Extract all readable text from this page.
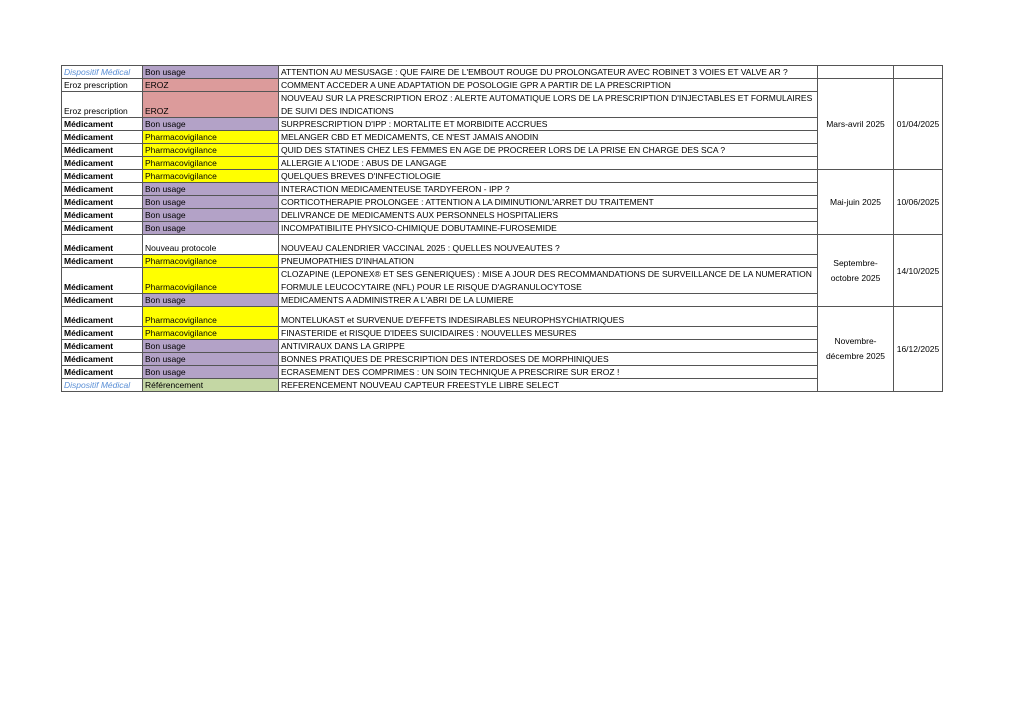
Dispositif Médical	Bon usage	ATTENTION AU MESUSAGE : QUE FAIRE DE L'EMBOUT ROUGE DU PROLONGATEUR AVEC ROBINET 3 VOIES ET VALVE AR ?		
Eroz prescription	EROZ	COMMENT ACCEDER A UNE ADAPTATION DE POSOLOGIE GPR A PARTIR DE LA PRESCRIPTION	Mars-avril 2025	01/04/2025
Eroz prescription	EROZ	NOUVEAU SUR LA PRESCRIPTION EROZ : ALERTE AUTOMATIQUE LORS DE LA PRESCRIPTION D'INJECTABLES ET FORMULAIRES DE SUIVI DES INDICATIONS		
Médicament	Bon usage	SURPRESCRIPTION D'IPP : MORTALITE ET MORBIDITE ACCRUES		
Médicament	Pharmacovigilance	MELANGER CBD ET MEDICAMENTS, CE N'EST JAMAIS ANODIN		
Médicament	Pharmacovigilance	QUID DES STATINES CHEZ LES FEMMES EN AGE DE PROCREER LORS DE LA PRISE EN CHARGE DES SCA ?		
Médicament	Pharmacovigilance	ALLERGIE A L'IODE : ABUS DE LANGAGE		
Médicament	Pharmacovigilance	QUELQUES BREVES D'INFECTIOLOGIE	Mai-juin 2025	10/06/2025
Médicament	Bon usage	INTERACTION MEDICAMENTEUSE TARDYFERON - IPP ?		
Médicament	Bon usage	CORTICOTHERAPIE PROLONGEE : ATTENTION A LA DIMINUTION/L'ARRET DU TRAITEMENT		
Médicament	Bon usage	DELIVRANCE DE MEDICAMENTS AUX PERSONNELS HOSPITALIERS		
Médicament	Bon usage	INCOMPATIBILITE PHYSICO-CHIMIQUE DOBUTAMINE-FUROSEMIDE		
Médicament	Nouveau protocole	NOUVEAU CALENDRIER VACCINAL 2025 : QUELLES NOUVEAUTES ?	Septembre-octobre 2025	14/10/2025
Médicament	Pharmacovigilance	PNEUMOPATHIES D'INHALATION		
Médicament	Pharmacovigilance	CLOZAPINE (LEPONEX® ET SES GENERIQUES) : MISE A JOUR DES RECOMMANDATIONS DE SURVEILLANCE DE LA NUMERATION FORMULE LEUCOCYTAIRE (NFL) POUR LE RISQUE D'AGRANULOCYTOSE		
Médicament	Bon usage	MEDICAMENTS A ADMINISTRER A L'ABRI DE LA LUMIERE		
Médicament	Pharmacovigilance	MONTELUKAST et SURVENUE D'EFFETS INDESIRABLES NEUROPHSYCHIATRIQUES	Novembre-décembre 2025	16/12/2025
Médicament	Pharmacovigilance	FINASTERIDE et RISQUE D'IDEES SUICIDAIRES : NOUVELLES MESURES		
Médicament	Bon usage	ANTIVIRAUX DANS LA GRIPPE		
Médicament	Bon usage	BONNES PRATIQUES DE PRESCRIPTION DES INTERDOSES DE MORPHINIQUES		
Médicament	Bon usage	ECRASEMENT DES COMPRIMES : UN SOIN TECHNIQUE A PRESCRIRE SUR EROZ !		
Dispositif Médical	Référencement	REFERENCEMENT NOUVEAU CAPTEUR FREESTYLE LIBRE SELECT		
